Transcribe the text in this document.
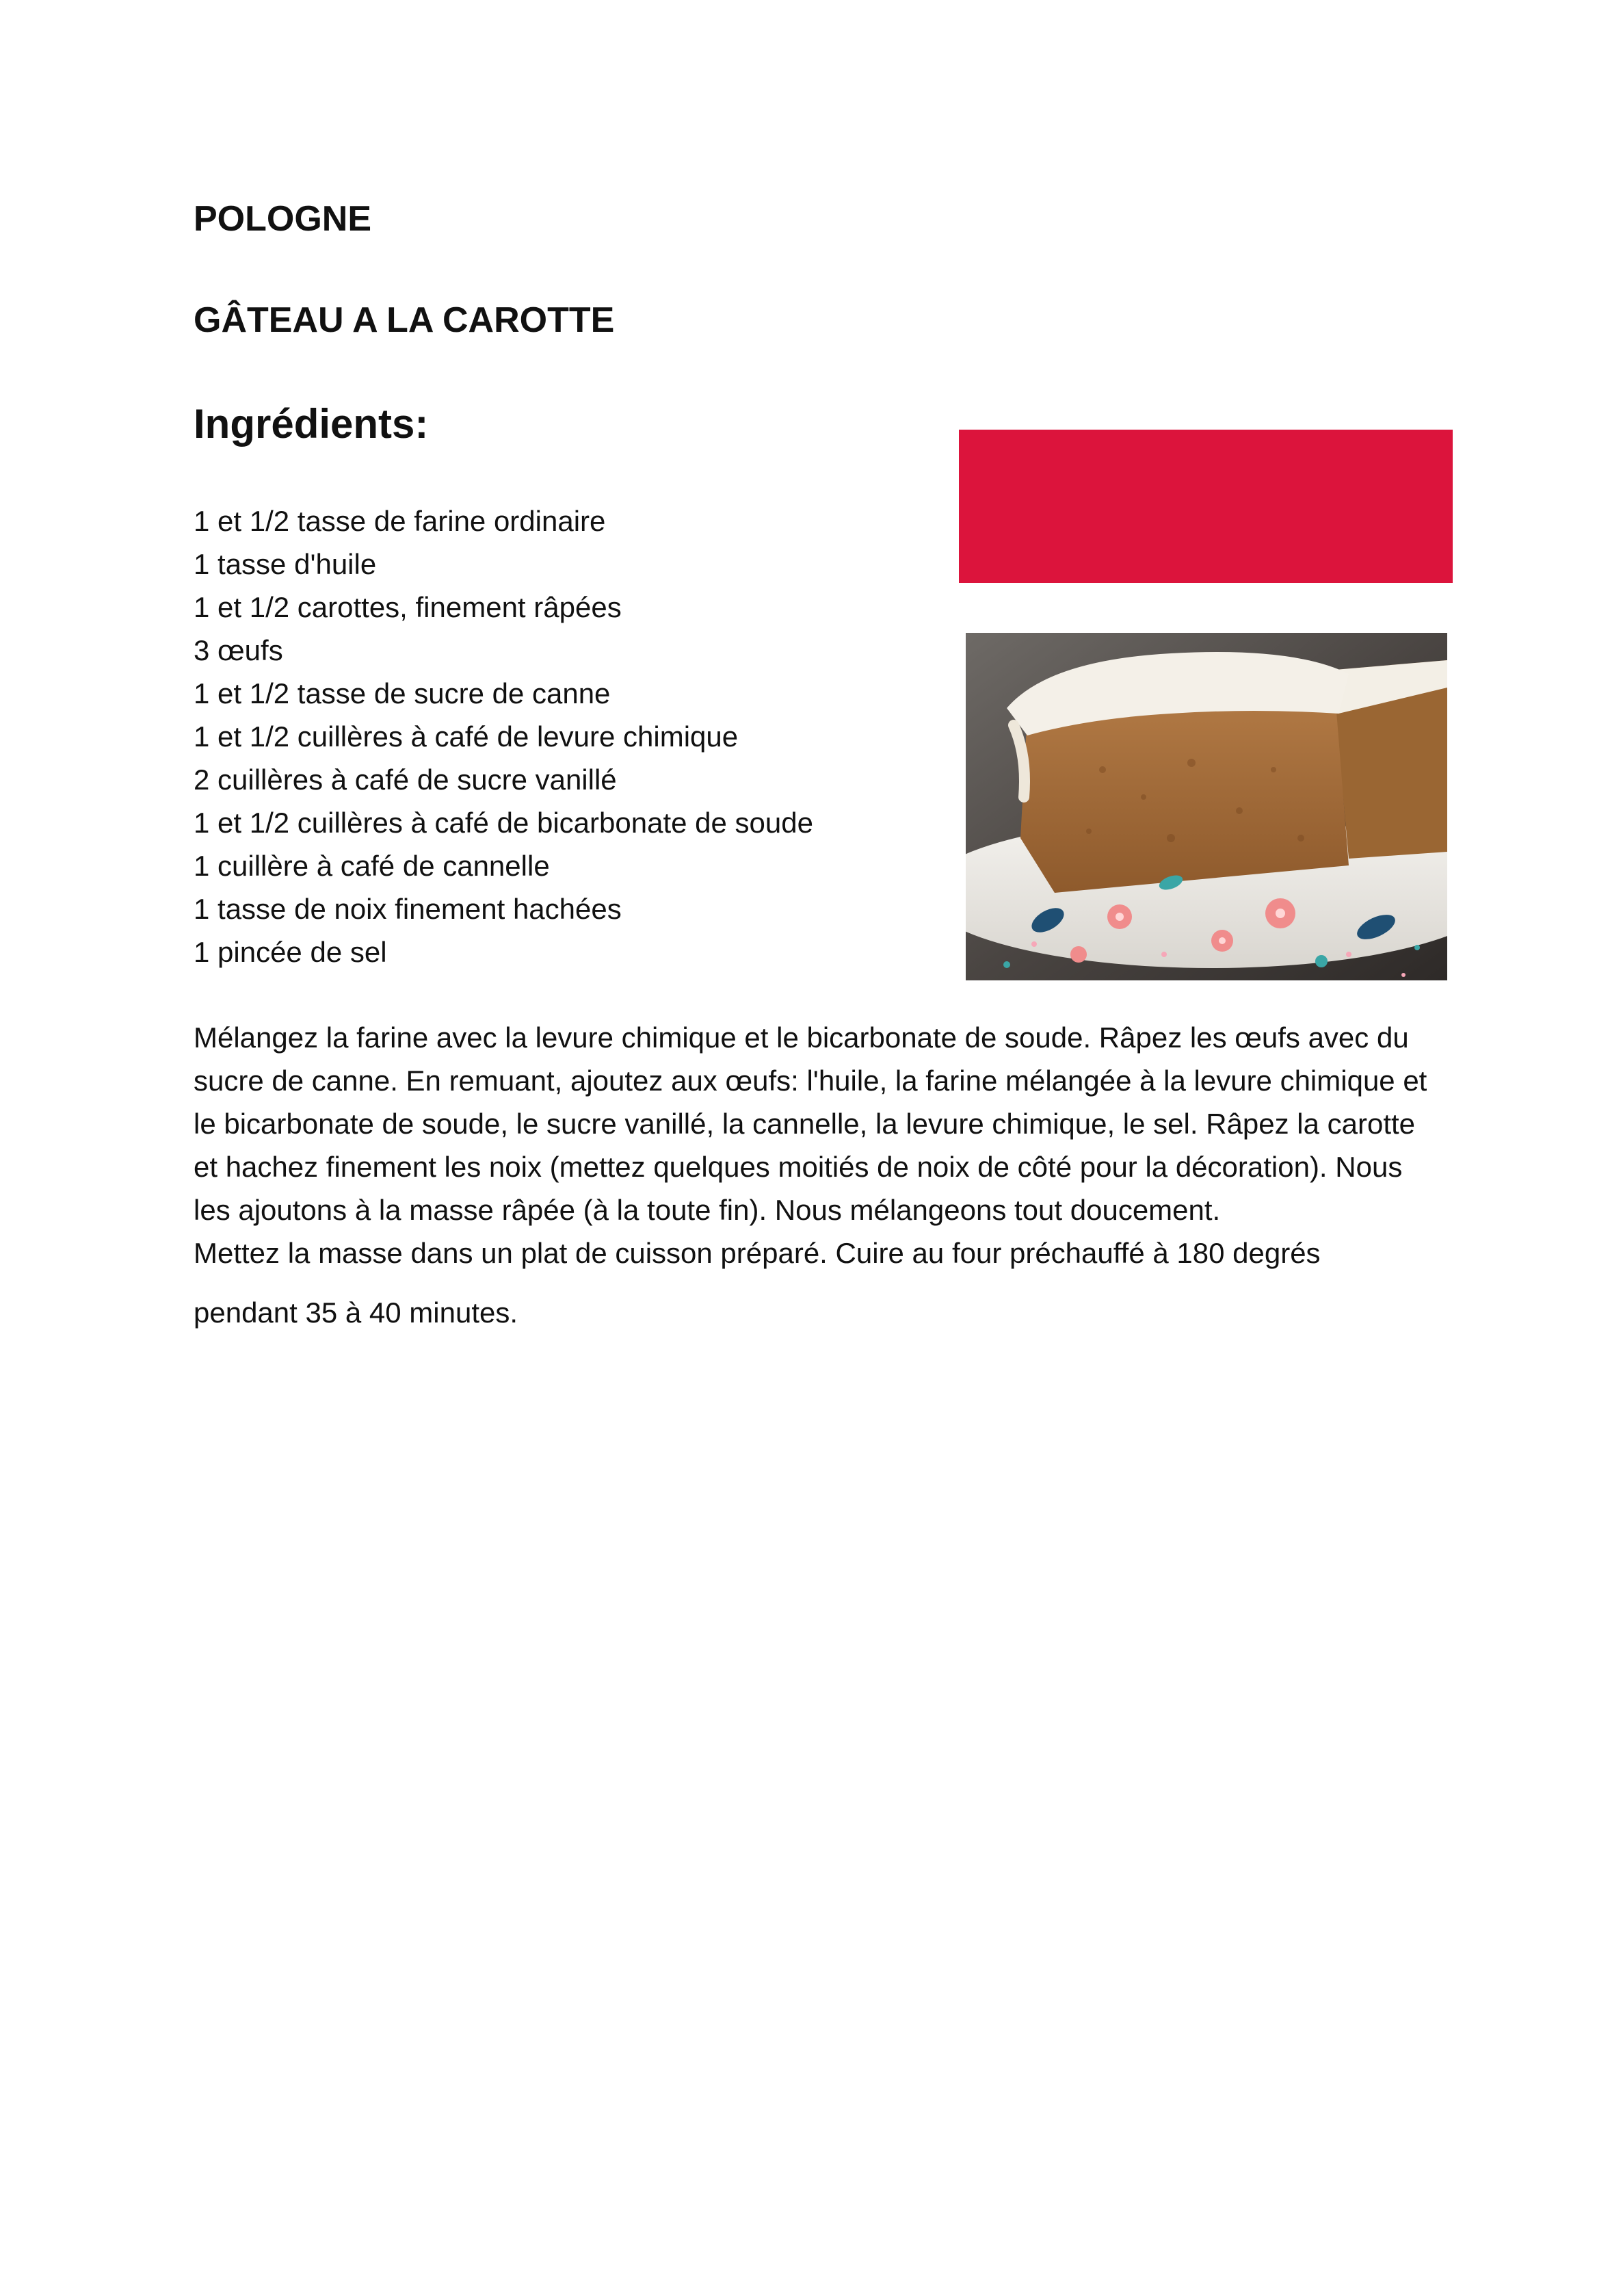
POLOGNE
GÂTEAU A LA CAROTTE
Ingrédients:
1 et 1/2 tasse de farine ordinaire
1 tasse d'huile
1 et 1/2 carottes, finement râpées
3 œufs
1 et 1/2 tasse de sucre de canne
1 et 1/2 cuillères à café de levure chimique
2 cuillères à café de sucre vanillé
1 et 1/2 cuillères à café de bicarbonate de soude
1 cuillère à café de cannelle
1 tasse de noix finement hachées
1 pincée de sel

Mélangez la farine avec la levure chimique et le bicarbonate de soude. Râpez les œufs avec du sucre de canne. En remuant, ajoutez aux œufs: l'huile, la farine mélangée à la levure chimique et le bicarbonate de soude, le sucre vanillé, la cannelle, la levure chimique, le sel. Râpez la carotte et hachez finement les noix (mettez quelques moitiés de noix de côté pour la décoration). Nous les ajoutons à la masse râpée (à la toute fin). Nous mélangeons tout doucement.

Mettez la masse dans un plat de cuisson préparé. Cuire au four préchauffé à 180 degrés

pendant 35 à 40 minutes.
